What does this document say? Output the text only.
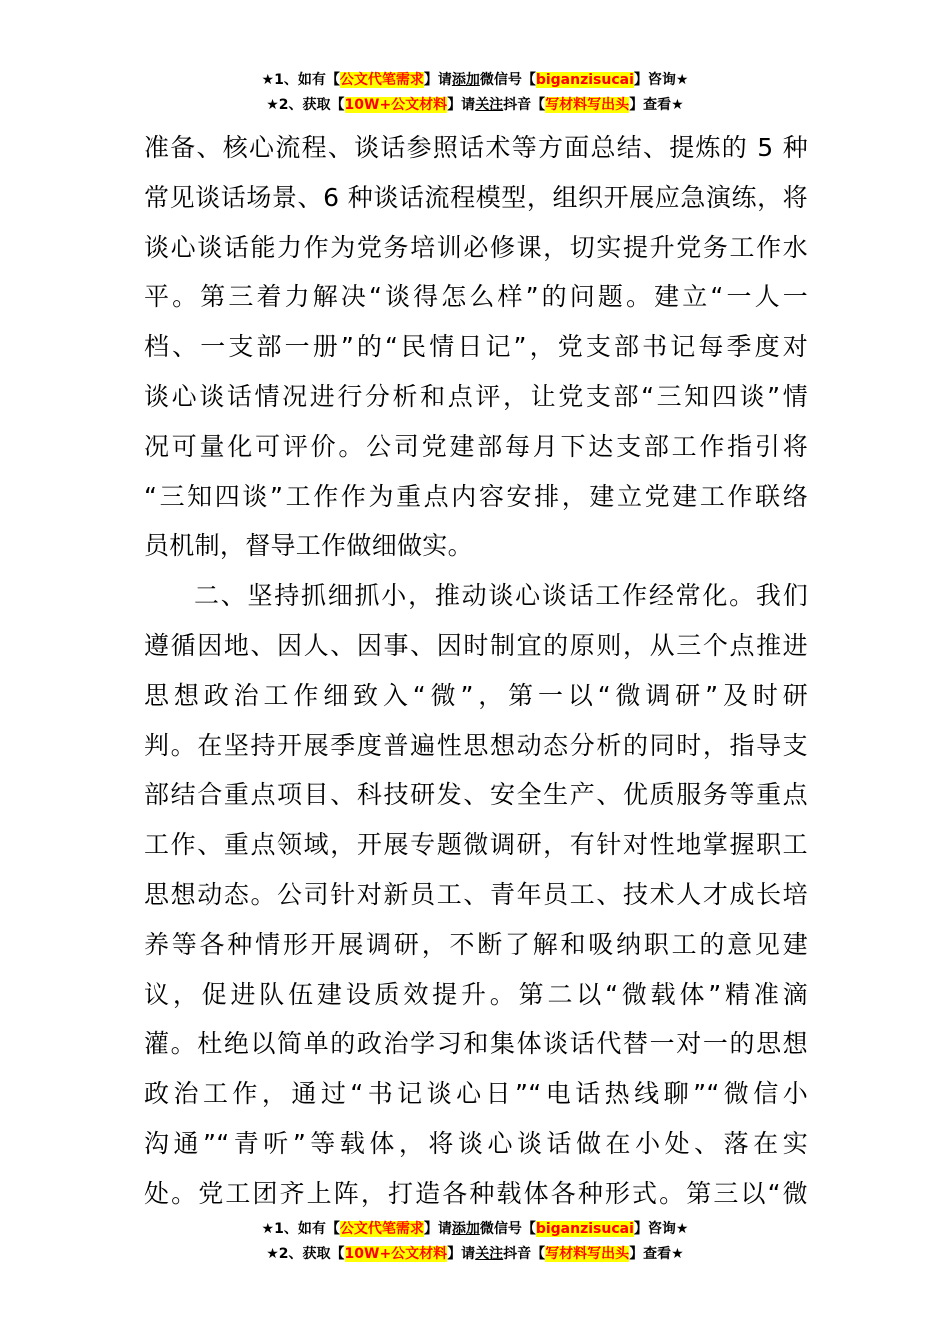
★1、如有【公文代笔需求】请添加微信号【biganzisucai】咨询★
★2、获取【10W+公文材料】请关注抖音【写材料写出头】查看★
准备、核心流程、谈话参照话术等方面总结、提炼的 5 种
常见谈话场景、6 种谈话流程模型，组织开展应急演练，将
谈心谈话能力作为党务培训必修课，切实提升党务工作水
平。第三着力解决“谈得怎么样”的问题。建立“一人一
档、一支部一册”的“民情日记”，党支部书记每季度对
谈心谈话情况进行分析和点评，让党支部“三知四谈”情
况可量化可评价。公司党建部每月下达支部工作指引将
“三知四谈”工作作为重点内容安排，建立党建工作联络
员机制，督导工作做细做实。
二、坚持抓细抓小，推动谈心谈话工作经常化。我们
遵循因地、因人、因事、因时制宜的原则，从三个点推进
思想政治工作细致入“微”，第一以“微调研”及时研
判。在坚持开展季度普遍性思想动态分析的同时，指导支
部结合重点项目、科技研发、安全生产、优质服务等重点
工作、重点领域，开展专题微调研，有针对性地掌握职工
思想动态。公司针对新员工、青年员工、技术人才成长培
养等各种情形开展调研，不断了解和吸纳职工的意见建
议，促进队伍建设质效提升。第二以“微载体”精准滴
灌。杜绝以简单的政治学习和集体谈话代替一对一的思想
政治工作，通过“书记谈心日”“电话热线聊”“微信小
沟通”“青听”等载体，将谈心谈话做在小处、落在实
处。党工团齐上阵，打造各种载体各种形式。第三以“微
★1、如有【公文代笔需求】请添加微信号【biganzisucai】咨询★
★2、获取【10W+公文材料】请关注抖音【写材料写出头】查看★
